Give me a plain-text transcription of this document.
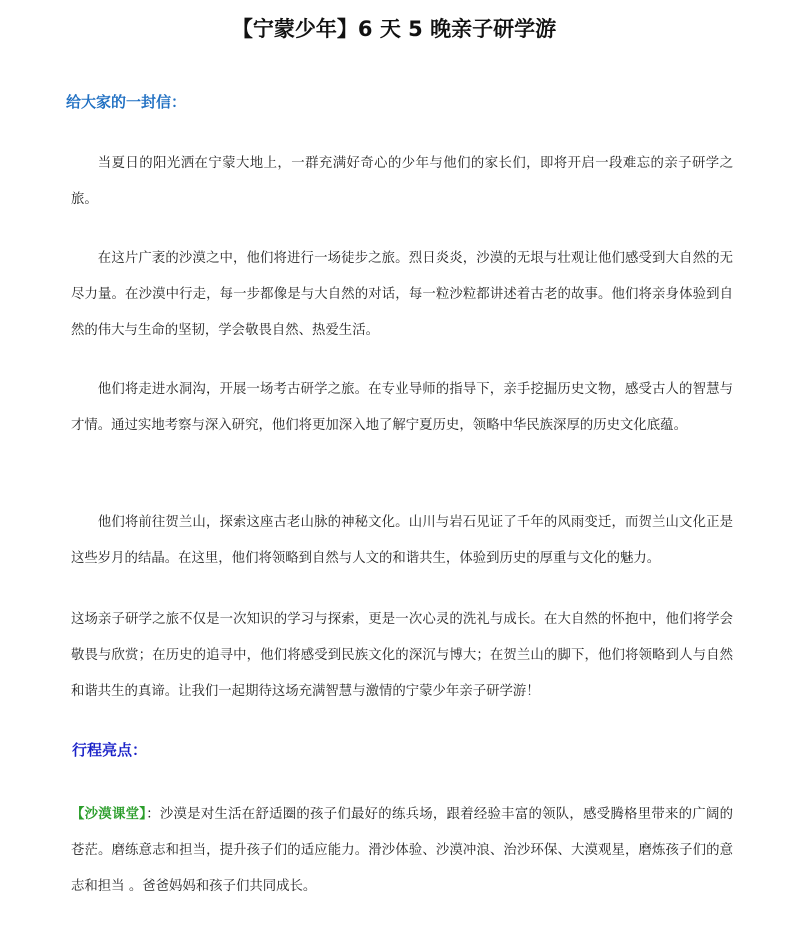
【宁蒙少年】6 天 5 晚亲子研学游
给大家的一封信：

当夏日的阳光洒在宁蒙大地上，一群充满好奇心的少年与他们的家长们，即将开启一段难忘的亲子研学之旅。

在这片广袤的沙漠之中，他们将进行一场徒步之旅。烈日炎炎，沙漠的无垠与壮观让他们感受到大自然的无尽力量。在沙漠中行走，每一步都像是与大自然的对话，每一粒沙粒都讲述着古老的故事。他们将亲身体验到自然的伟大与生命的坚韧，学会敬畏自然、热爱生活。

他们将走进水洞沟，开展一场考古研学之旅。在专业导师的指导下，亲手挖掘历史文物，感受古人的智慧与才情。通过实地考察与深入研究，他们将更加深入地了解宁夏历史，领略中华民族深厚的历史文化底蕴。

他们将前往贺兰山，探索这座古老山脉的神秘文化。山川与岩石见证了千年的风雨变迁，而贺兰山文化正是这些岁月的结晶。在这里，他们将领略到自然与人文的和谐共生，体验到历史的厚重与文化的魅力。

这场亲子研学之旅不仅是一次知识的学习与探索，更是一次心灵的洗礼与成长。在大自然的怀抱中，他们将学会敬畏与欣赏；在历史的追寻中，他们将感受到民族文化的深沉与博大；在贺兰山的脚下，他们将领略到人与自然和谐共生的真谛。让我们一起期待这场充满智慧与激情的宁蒙少年亲子研学游！

行程亮点：

【沙漠课堂】：沙漠是对生活在舒适圈的孩子们最好的练兵场，跟着经验丰富的领队，感受腾格里带来的广阔的苍茫。磨练意志和担当，提升孩子们的适应能力。滑沙体验、沙漠冲浪、治沙环保、大漠观星，磨炼孩子们的意志和担当 。爸爸妈妈和孩子们共同成长。
